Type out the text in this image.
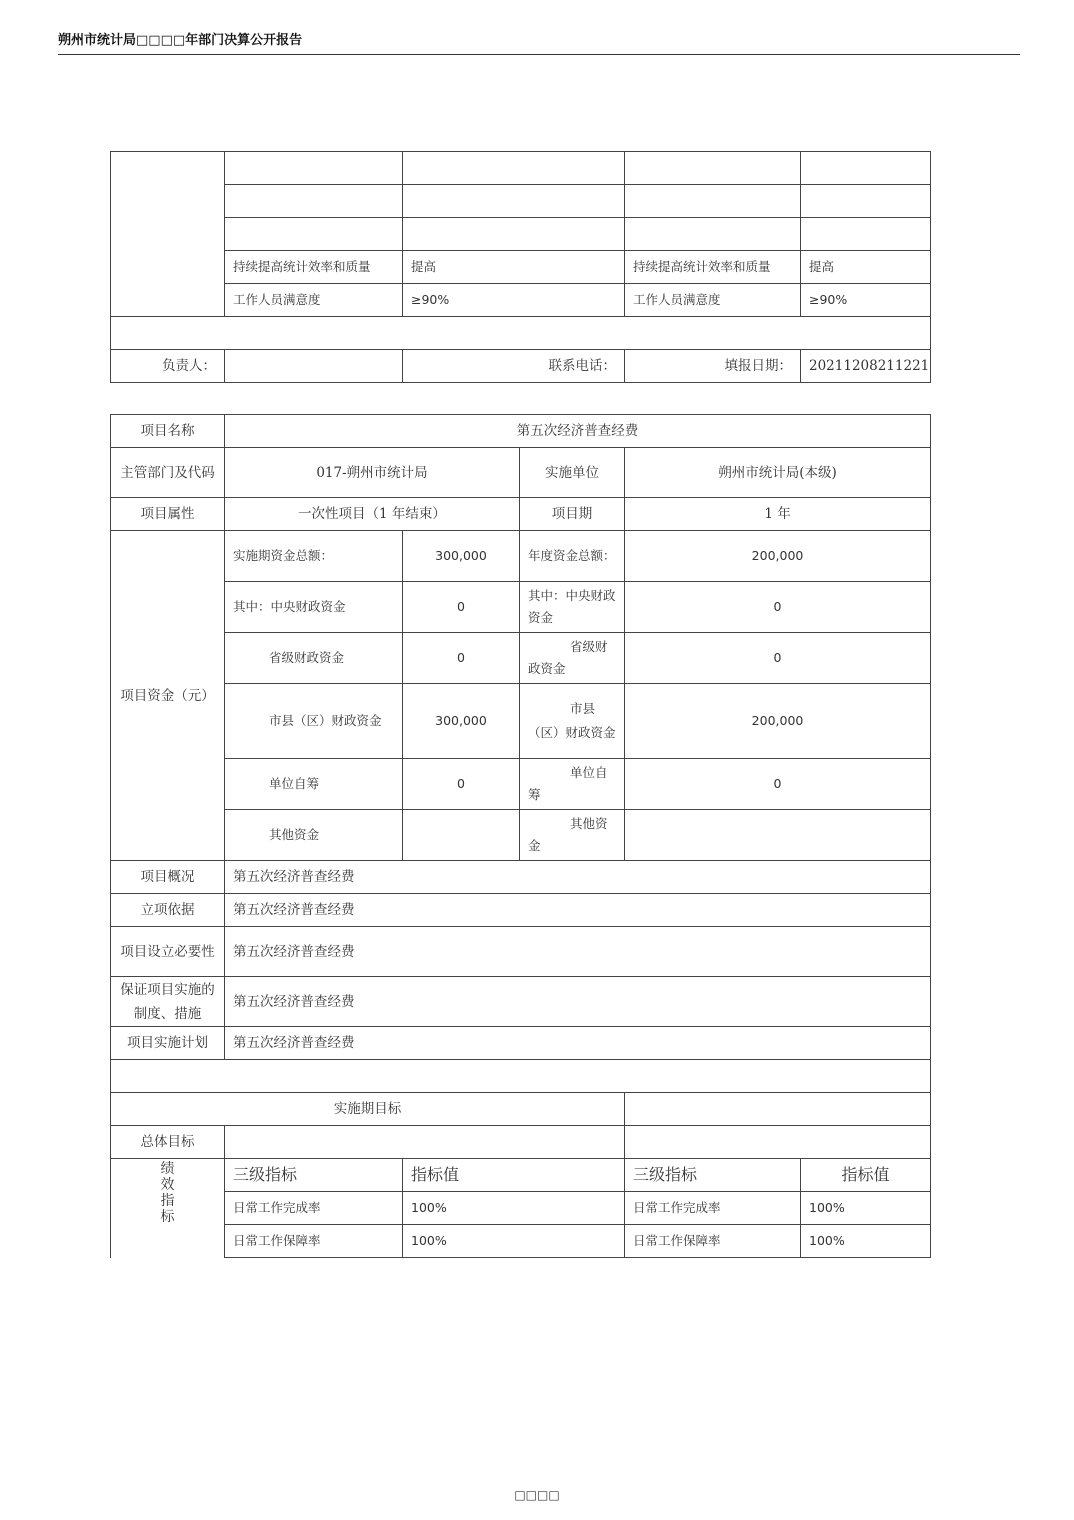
朔州市统计局□□□□年部门决算公开报告

	持续提高统计效率和质量	提高	持续提高统计效率和质量	提高
	工作人员满意度	≥90%	工作人员满意度	≥90%

负责人：		联系电话：	填报日期：	20211208211221
项目名称	第五次经济普查经费				
主管部门及代码	017-朔州市统计局		实施单位	朔州市统计局(本级)	
项目属性	一次性项目（1 年结束）		项目期	1 年	
项目资金（元）	实施期资金总额：	300,000	年度资金总额：	200,000	
	其中：中央财政资金	0	其中：中央财政资金	0	
	省级财政资金	0	省级财政资金	0	
	市县（区）财政资金	300,000	市县（区）财政资金	200,000	
	单位自筹	0	单位自筹	0	
	其他资金		其他资金		
项目概况	第五次经济普查经费				
立项依据	第五次经济普查经费				
项目设立必要性	第五次经济普查经费				
保证项目实施的制度、措施	第五次经济普查经费				
项目实施计划	第五次经济普查经费				

实施期目标					
总体目标					

绩效指标	三级指标	指标值		三级指标	指标值
	日常工作完成率	100%		日常工作完成率	100%
	日常工作保障率	100%		日常工作保障率	100%
□□□□
